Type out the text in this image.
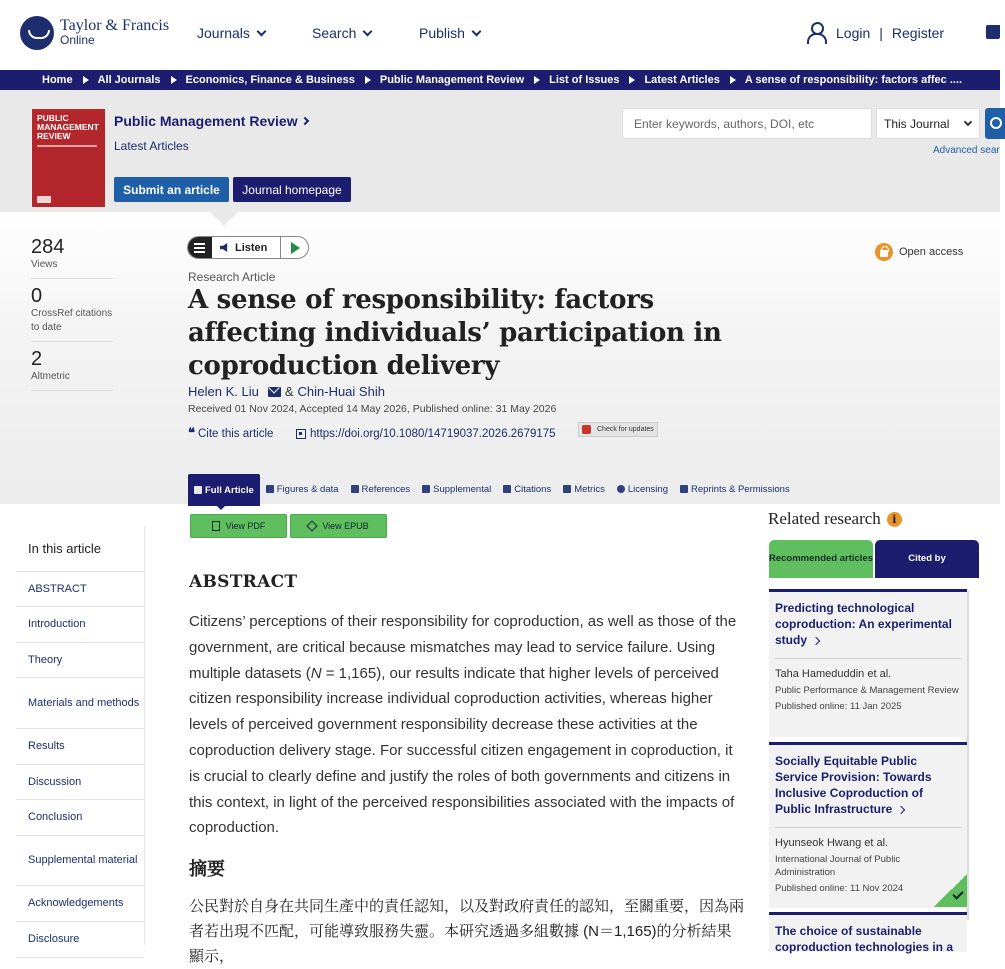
Taylor & Francis
Online	Journals	Search	Publish	Login | Register
Home All Journals Economics, Finance & Business Public Management Review List of Issues Latest Articles A sense of responsibility: factors affec ....
PUBLIC MANAGEMENT REVIEW
Public Management Review
Latest Articles
Submit an article	Journal homepage
Enter keywords, authors, DOI, etc	This Journal
Advanced sear
284
Views
0
CrossRef citations to date
2
Altmetric
Listen	Open access
Research Article
A sense of responsibility: factors affecting individuals’ participation in coproduction delivery
Helen K. Liu & Chin-Huai Shih
Received 01 Nov 2024, Accepted 14 May 2026, Published online: 31 May 2026
❝ Cite this article	https://doi.org/10.1080/14719037.2026.2679175	Check for updates
Full Article Figures & data References Supplemental Citations Metrics Licensing Reprints & Permissions
In this article
ABSTRACT
Introduction
Theory
Materials and methods
Results
Discussion
Conclusion
Supplemental material
Acknowledgements
Disclosure
View PDF	View EPUB
ABSTRACT

Citizens’ perceptions of their responsibility for coproduction, as well as those of the government, are critical because mismatches may lead to service failure. Using multiple datasets (N = 1,165), our results indicate that higher levels of perceived citizen responsibility increase individual coproduction activities, whereas higher levels of perceived government responsibility decrease these activities at the coproduction delivery stage. For successful citizen engagement in coproduction, it is crucial to clearly define and justify the roles of both governments and citizens in this context, in light of the perceived responsibilities associated with the impacts of coproduction.

摘要

公民對於自身在共同生產中的責任認知，以及對政府責任的認知，至關重要，因為兩者若出現不匹配，可能導致服務失靈。本研究透過多組數據 (N＝1,165)的分析結果顯示，

Related research	i
Recommended articles	Cited by
Predicting technological coproduction: An experimental study
Taha Hameduddin et al.
Public Performance & Management Review
Published online: 11 Jan 2025
Socially Equitable Public Service Provision: Towards Inclusive Coproduction of Public Infrastructure
Hyunseok Hwang et al.
International Journal of Public Administration
Published online: 11 Nov 2024
The choice of sustainable coproduction technologies in a
